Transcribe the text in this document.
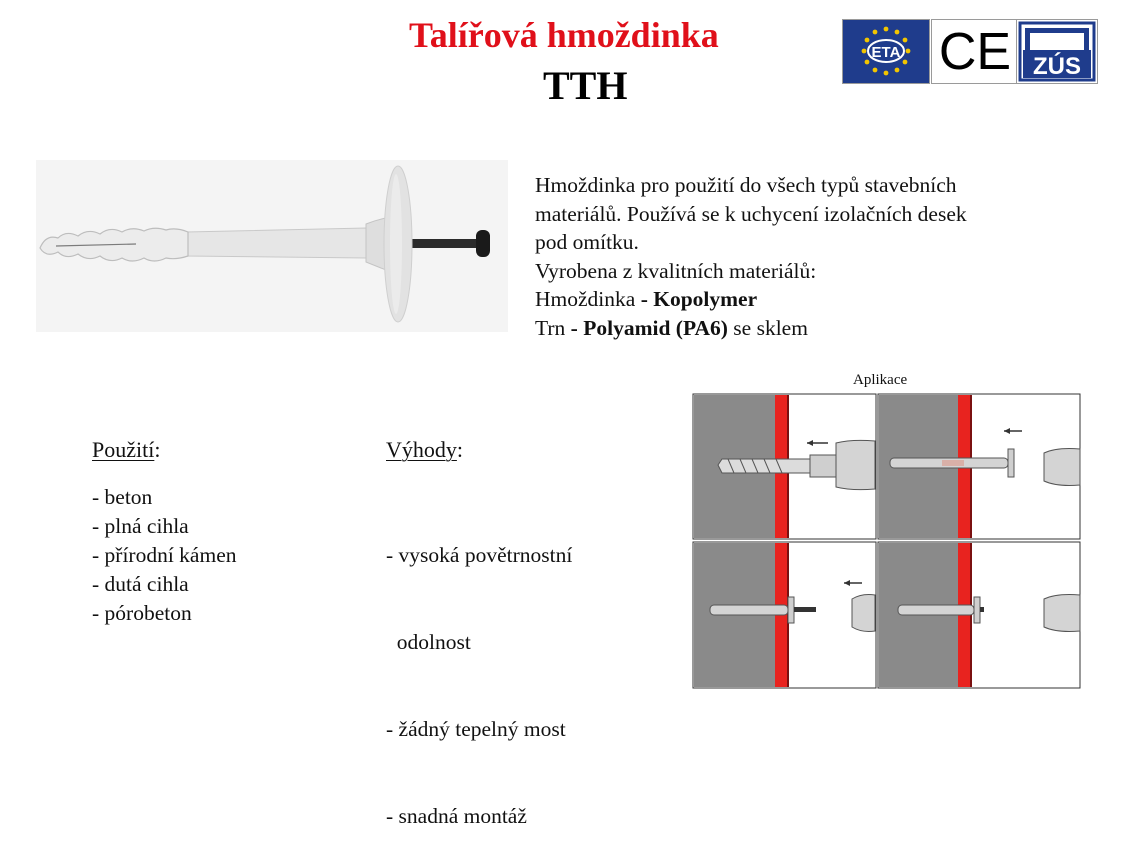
Talířová hmoždinka
TTH
ETA CE ZÚS
Hmoždinka pro použití do všech typů stavebních
materiálů. Používá se k uchycení izolačních desek
pod omítku.
Vyrobena z kvalitních materiálů:
Hmoždinka - Kopolymer
Trn - Polyamid (PA6) se sklem
Použití:
- beton
- plná cihla
- přírodní kámen
- dutá cihla
- pórobeton
Výhody:

- vysoká povětrnostní

odolnost

- žádný tepelný most

- snadná montáž

Aplikace
